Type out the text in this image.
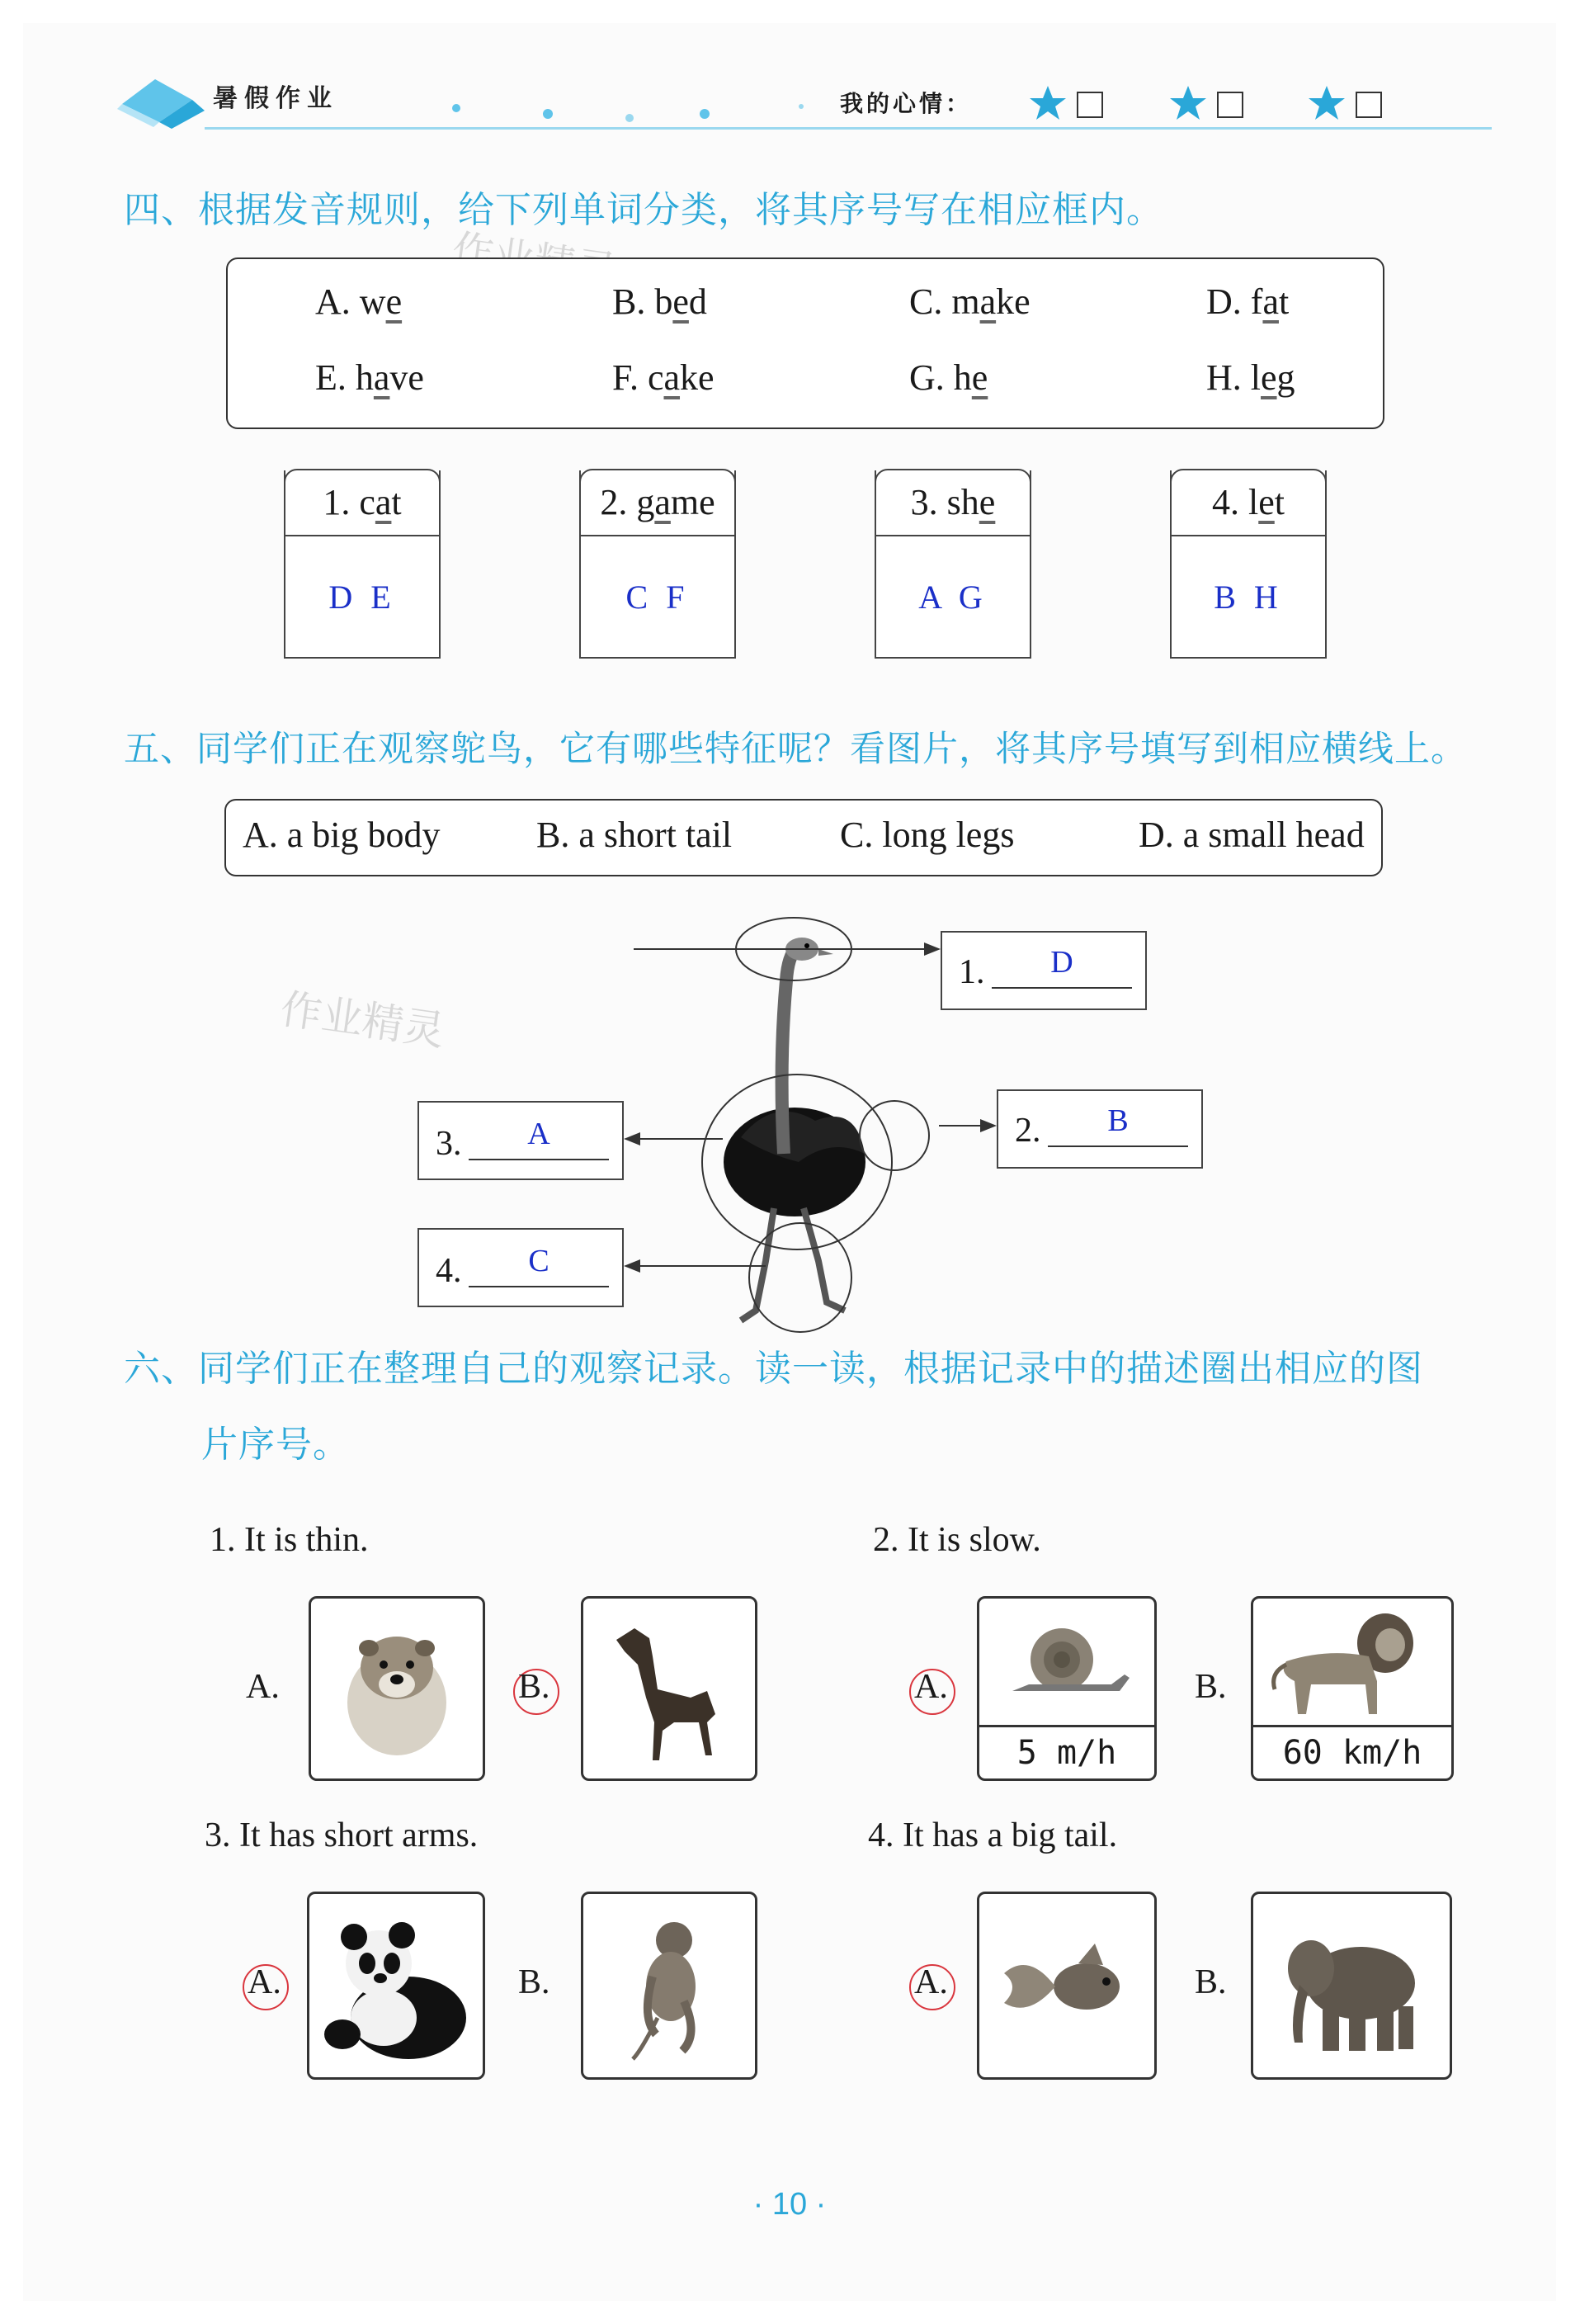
暑假作业	我的心情：
四、根据发音规则，给下列单词分类，将其序号写在相应框内。
A. we	B. bed	C. make	D. fat
E. have	F. cake	G. he	H. leg
1. cat
D E
2. game
C F
3. she
A G
4. let
B H
五、同学们正在观察鸵鸟，它有哪些特征呢？看图片，将其序号填写到相应横线上。
A. a big body	B. a short tail	C. long legs	D. a small head
作业精灵
1.	D
2.	B
3.	A
4.	C
六、同学们正在整理自己的观察记录。读一读，根据记录中的描述圈出相应的图
片序号。
1. It is thin.
A.	B.
2. It is slow.
A.
5 m/h
B.
60 km/h
3. It has short arms.
A.	B.
4. It has a big tail.
A.	B.
· 10 ·
